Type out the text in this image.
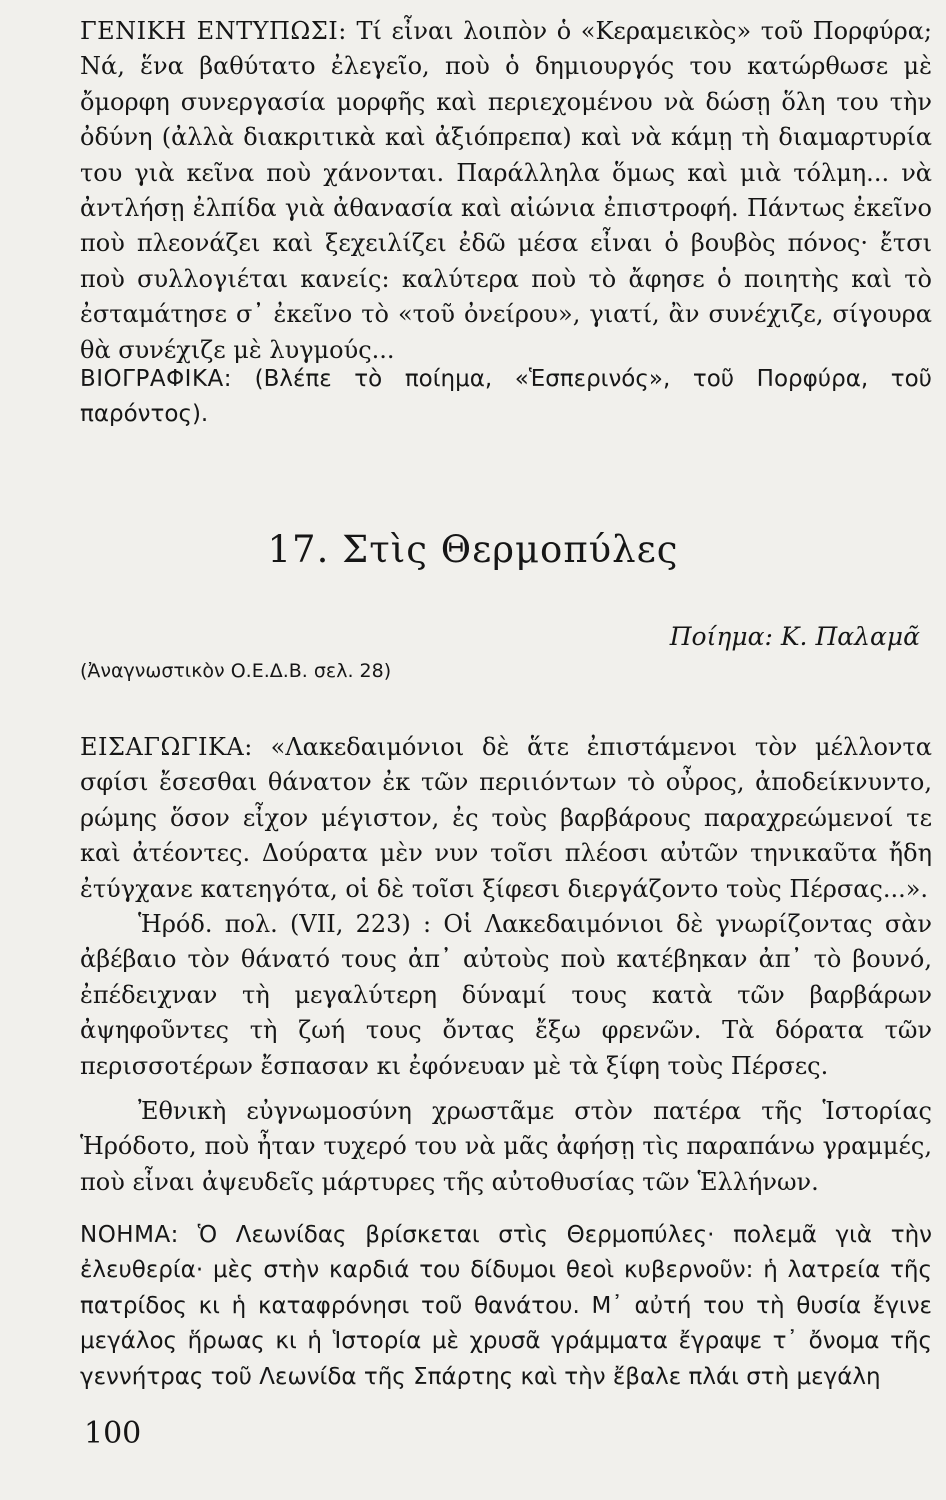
ΓΕΝΙΚΗ ΕΝΤΥΠΩΣΙ: Τί εἶναι λοιπὸν ὁ «Κεραμεικὸς» τοῦ Πορφύρα; Νά, ἕνα βαθύτατο ἐλεγεῖο, ποὺ ὁ δημιουργός του κατώρθωσε μὲ ὄμορφη συνεργασία μορφῆς καὶ περιεχομένου νὰ δώσῃ ὅλη του τὴν ὀδύνη (ἀλλὰ διακριτικὰ καὶ ἀξιόπρεπα) καὶ νὰ κάμῃ τὴ διαμαρτυρία του γιὰ κεῖνα ποὺ χάνονται. Παράλληλα ὅμως καὶ μιὰ τόλμη... νὰ ἀντλήσῃ ἐλπίδα γιὰ ἀθανασία καὶ αἰώνια ἐπιστροφή. Πάντως ἐκεῖνο ποὺ πλεονάζει καὶ ξεχειλίζει ἐδῶ μέσα εἶναι ὁ βουβὸς πόνος· ἔτσι ποὺ συλλογιέται κανείς: καλύτερα ποὺ τὸ ἄφησε ὁ ποιητὴς καὶ τὸ ἐσταμάτησε σ᾽ ἐκεῖνο τὸ «τοῦ ὀνείρου», γιατί, ἂν συνέχιζε, σίγουρα θὰ συνέχιζε μὲ λυγμούς...

ΒΙΟΓΡΑΦΙΚΑ: (Βλέπε τὸ ποίημα, «Ἑσπερινός», τοῦ Πορφύρα, τοῦ παρόντος).

17. Στὶς Θερμοπύλες
Ποίημα: Κ. Παλαμᾶ
(Ἀναγνωστικὸν Ο.Ε.Δ.Β. σελ. 28)

ΕΙΣΑΓΩΓΙΚΑ: «Λακεδαιμόνιοι δὲ ἅτε ἐπιστάμενοι τὸν μέλλοντα σφίσι ἔσεσθαι θάνατον ἐκ τῶν περιιόντων τὸ οὖρος, ἀποδείκνυντο, ρώμης ὅσον εἶχον μέγιστον, ἐς τοὺς βαρβάρους παραχρεώμενοί τε καὶ ἀτέοντες. Δούρατα μὲν νυν τοῖσι πλέοσι αὐτῶν τηνικαῦτα ἤδη ἐτύγχανε κατεηγότα, οἱ δὲ τοῖσι ξίφεσι διεργάζοντο τοὺς Πέρσας...».

Ἡρόδ. πολ. (VII, 223) : Οἱ Λακεδαιμόνιοι δὲ γνωρίζοντας σὰν ἀβέβαιο τὸν θάνατό τους ἀπ᾽ αὐτοὺς ποὺ κατέβηκαν ἀπ᾽ τὸ βουνό, ἐπέδειχναν τὴ μεγαλύτερη δύναμί τους κατὰ τῶν βαρβάρων ἀψηφοῦντες τὴ ζωή τους ὄντας ἔξω φρενῶν. Τὰ δόρατα τῶν περισσοτέρων ἔσπασαν κι ἐφόνευαν μὲ τὰ ξίφη τοὺς Πέρσες.

Ἐθνικὴ εὐγνωμοσύνη χρωστᾶμε στὸν πατέρα τῆς Ἱστορίας Ἡρόδοτο, ποὺ ἦταν τυχερό του νὰ μᾶς ἀφήσῃ τὶς παραπάνω γραμμές, ποὺ εἶναι ἀψευδεῖς μάρτυρες τῆς αὐτοθυσίας τῶν Ἑλλήνων.

ΝΟΗΜΑ: Ὁ Λεωνίδας βρίσκεται στὶς Θερμοπύλες· πολεμᾶ γιὰ τὴν ἐλευθερία· μὲς στὴν καρδιά του δίδυμοι θεοὶ κυβερνοῦν: ἡ λατρεία τῆς πατρίδος κι ἡ καταφρόνησι τοῦ θανάτου. Μ᾽ αὐτή του τὴ θυσία ἔγινε μεγάλος ἥρωας κι ἡ Ἱστορία μὲ χρυσᾶ γράμματα ἔγραψε τ᾽ ὄνομα τῆς γεννήτρας τοῦ Λεωνίδα τῆς Σπάρτης καὶ τὴν ἔβαλε πλάι στὴ μεγάλη

100
